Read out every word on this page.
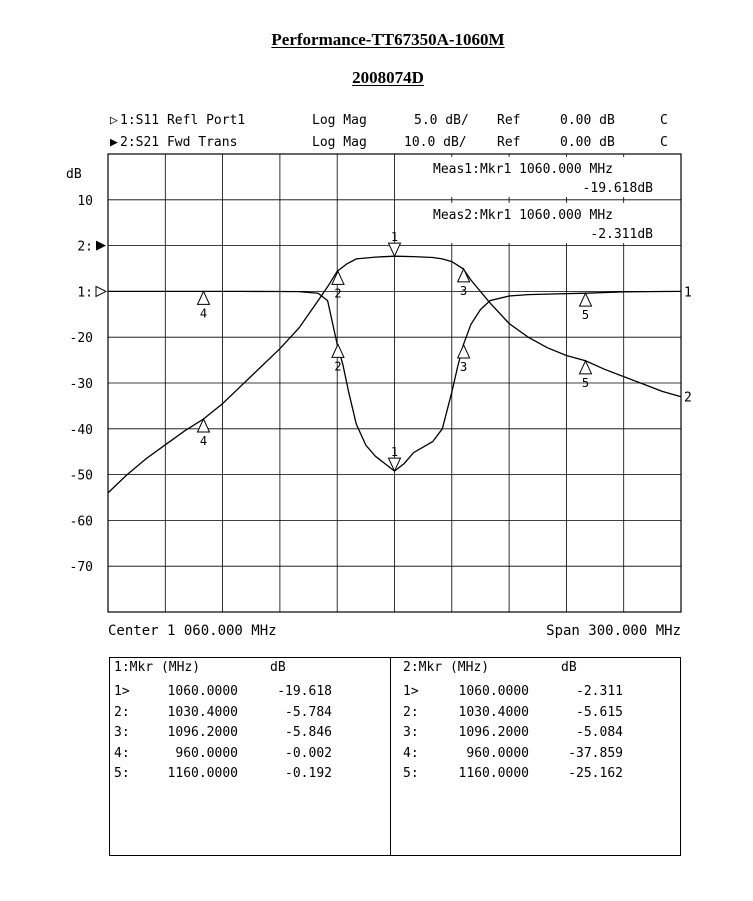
Performance-TT67350A-1060M
2008074D
▷ 1:S11 Refl Port1	Log Mag	5.0 dB/ Ref	0.00 dB	C
▶ 2:S21 Fwd Trans	Log Mag	10.0 dB/ Ref	0.00 dB	C
dB
10
2:
1:
-20
-30
-40
-50
-60
-70
1
2
1
2	3
4	5
1
2	3
4
5
Meas1:Mkr1 1060.000 MHz
-19.618dB
Meas2:Mkr1 1060.000 MHz
-2.311dB
Center 1 060.000 MHz	Span 300.000 MHz
1:Mkr (MHz)	dB
1>	1060.0000	-19.618
2:	1030.4000	-5.784
3:	1096.2000	-5.846
4:	960.0000	-0.002
5:	1160.0000	-0.192
2:Mkr (MHz)	dB
1>	1060.0000	-2.311
2:	1030.4000	-5.615
3:	1096.2000	-5.084
4:	960.0000	-37.859
5:	1160.0000	-25.162
